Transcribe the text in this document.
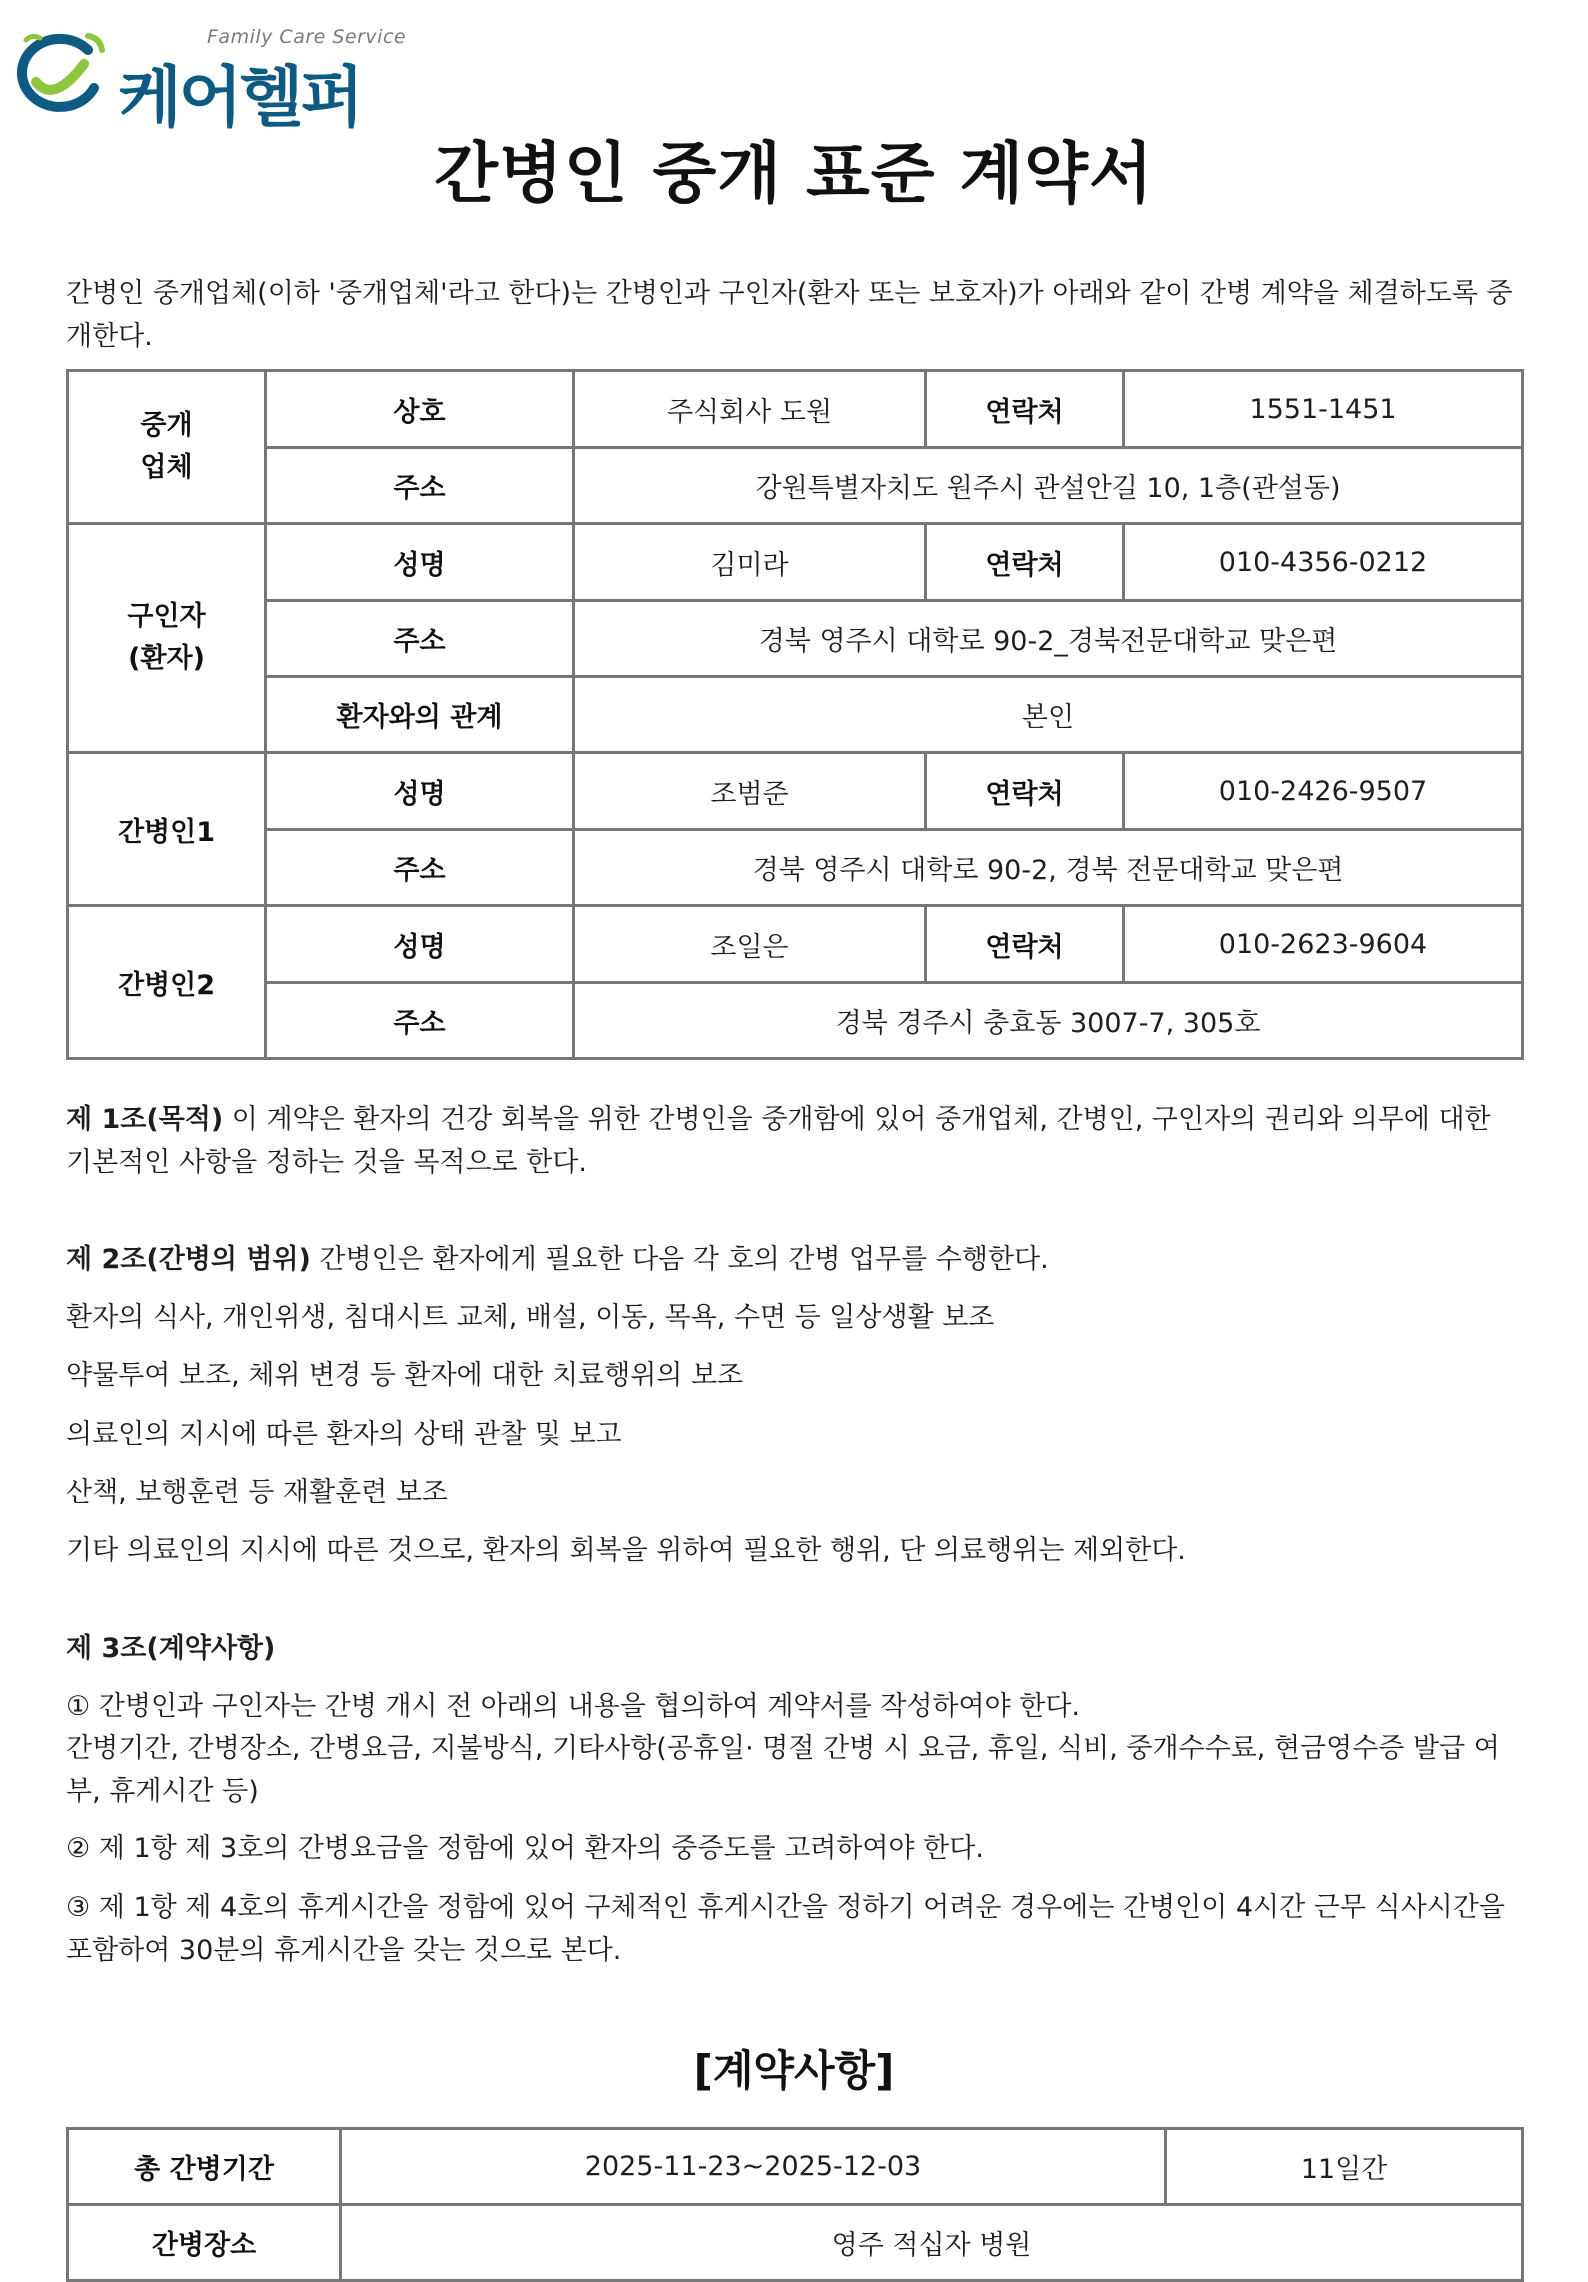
Family Care Service
케어헬퍼
간병인 중개 표준 계약서
간병인 중개업체(이하 '중개업체'라고 한다)는 간병인과 구인자(환자 또는 보호자)가 아래와 같이 간병 계약을 체결하도록 중개한다.
중개 업체	상호	주식회사 도원	연락처	1551-1451
	주소	강원특별자치도 원주시 관설안길 10, 1층(관설동)		
구인자 (환자)	성명	김미라	연락처	010-4356-0212
	주소	경북 영주시 대학로 90-2_경북전문대학교 맞은편		
	환자와의 관계	본인		
간병인1	성명	조범준	연락처	010-2426-9507
	주소	경북 영주시 대학로 90-2, 경북 전문대학교 맞은편		
간병인2	성명	조일은	연락처	010-2623-9604
	주소	경북 경주시 충효동 3007-7, 305호		
제 1조(목적) 이 계약은 환자의 건강 회복을 위한 간병인을 중개함에 있어 중개업체, 간병인, 구인자의 권리와 의무에 대한 기본적인 사항을 정하는 것을 목적으로 한다.
제 2조(간병의 범위) 간병인은 환자에게 필요한 다음 각 호의 간병 업무를 수행한다.
환자의 식사, 개인위생, 침대시트 교체, 배설, 이동, 목욕, 수면 등 일상생활 보조
약물투여 보조, 체위 변경 등 환자에 대한 치료행위의 보조
의료인의 지시에 따른 환자의 상태 관찰 및 보고
산책, 보행훈련 등 재활훈련 보조
기타 의료인의 지시에 따른 것으로, 환자의 회복을 위하여 필요한 행위, 단 의료행위는 제외한다.
제 3조(계약사항)
① 간병인과 구인자는 간병 개시 전 아래의 내용을 협의하여 계약서를 작성하여야 한다.
간병기간, 간병장소, 간병요금, 지불방식, 기타사항(공휴일· 명절 간병 시 요금, 휴일, 식비, 중개수수료, 현금영수증 발급 여부, 휴게시간 등)
② 제 1항 제 3호의 간병요금을 정함에 있어 환자의 중증도를 고려하여야 한다.
③ 제 1항 제 4호의 휴게시간을 정함에 있어 구체적인 휴게시간을 정하기 어려운 경우에는 간병인이 4시간 근무 식사시간을 포함하여 30분의 휴게시간을 갖는 것으로 본다.
[계약사항]
총 간병기간	2025-11-23~2025-12-03	11일간
간병장소	영주 적십자 병원	
